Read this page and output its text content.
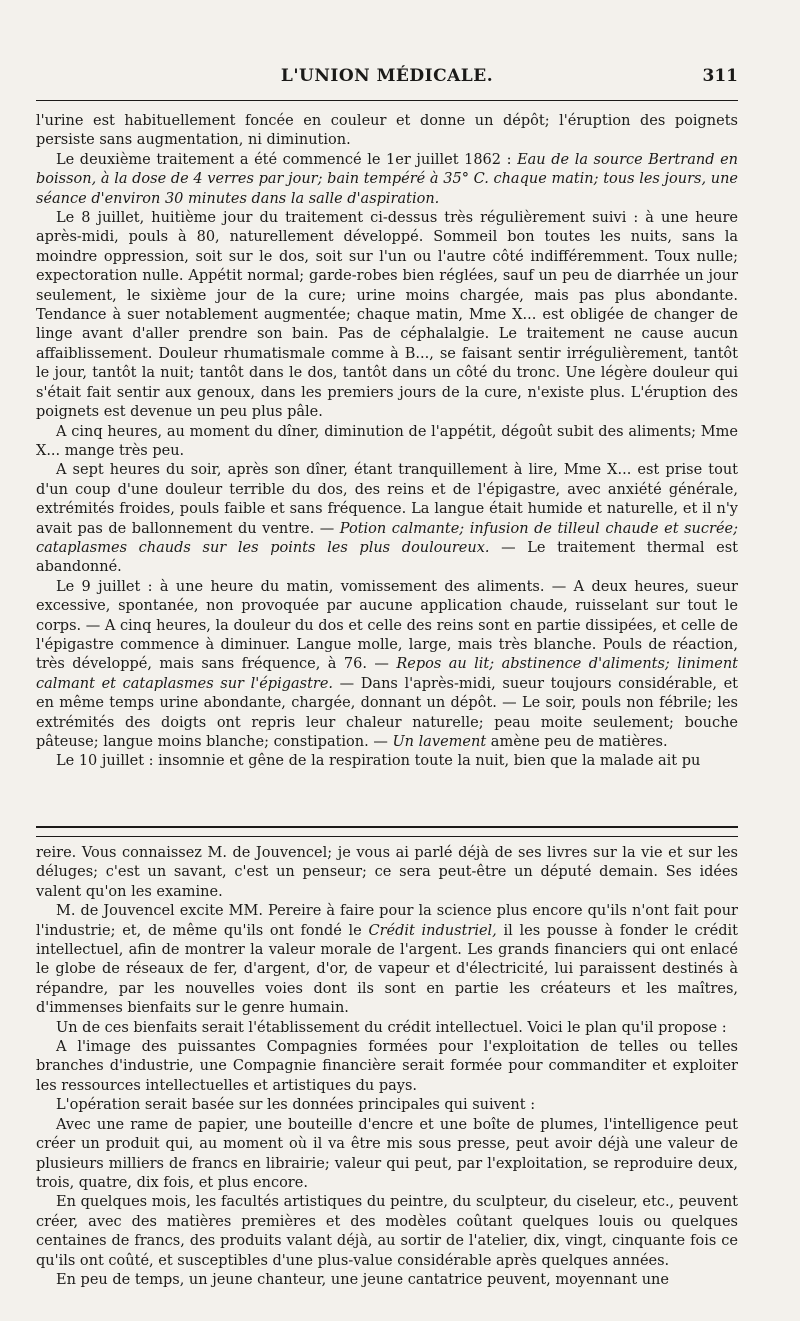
L'UNION MÉDICALE.	311

l'urine est habituellement foncée en couleur et donne un dépôt; l'éruption des poignets persiste sans augmentation, ni diminution.

Le deuxième traitement a été commencé le 1er juillet 1862 : Eau de la source Bertrand en boisson, à la dose de 4 verres par jour; bain tempéré à 35° C. chaque matin; tous les jours, une séance d'environ 30 minutes dans la salle d'aspiration.

Le 8 juillet, huitième jour du traitement ci-dessus très régulièrement suivi : à une heure après-midi, pouls à 80, naturellement développé. Sommeil bon toutes les nuits, sans la moindre oppression, soit sur le dos, soit sur l'un ou l'autre côté indifféremment. Toux nulle; expectoration nulle. Appétit normal; garde-robes bien réglées, sauf un peu de diarrhée un jour seulement, le sixième jour de la cure; urine moins chargée, mais pas plus abondante. Tendance à suer notablement augmentée; chaque matin, Mme X... est obligée de changer de linge avant d'aller prendre son bain. Pas de céphalalgie. Le traitement ne cause aucun affaiblissement. Douleur rhumatismale comme à B..., se faisant sentir irrégulièrement, tantôt le jour, tantôt la nuit; tantôt dans le dos, tantôt dans un côté du tronc. Une légère douleur qui s'était fait sentir aux genoux, dans les premiers jours de la cure, n'existe plus. L'éruption des poignets est devenue un peu plus pâle.

A cinq heures, au moment du dîner, diminution de l'appétit, dégoût subit des aliments; Mme X... mange très peu.

A sept heures du soir, après son dîner, étant tranquillement à lire, Mme X... est prise tout d'un coup d'une douleur terrible du dos, des reins et de l'épigastre, avec anxiété générale, extrémités froides, pouls faible et sans fréquence. La langue était humide et naturelle, et il n'y avait pas de ballonnement du ventre. — Potion calmante; infusion de tilleul chaude et sucrée; cataplasmes chauds sur les points les plus douloureux. — Le traitement thermal est abandonné.

Le 9 juillet : à une heure du matin, vomissement des aliments. — A deux heures, sueur excessive, spontanée, non provoquée par aucune application chaude, ruisselant sur tout le corps. — A cinq heures, la douleur du dos et celle des reins sont en partie dissipées, et celle de l'épigastre commence à diminuer. Langue molle, large, mais très blanche. Pouls de réaction, très développé, mais sans fréquence, à 76. — Repos au lit; abstinence d'aliments; liniment calmant et cataplasmes sur l'épigastre. — Dans l'après-midi, sueur toujours considérable, et en même temps urine abondante, chargée, donnant un dépôt. — Le soir, pouls non fébrile; les extrémités des doigts ont repris leur chaleur naturelle; peau moite seulement; bouche pâteuse; langue moins blanche; constipation. — Un lavement amène peu de matières.

Le 10 juillet : insomnie et gêne de la respiration toute la nuit, bien que la malade ait pu

reire. Vous connaissez M. de Jouvencel; je vous ai parlé déjà de ses livres sur la vie et sur les déluges; c'est un savant, c'est un penseur; ce sera peut-être un député demain. Ses idées valent qu'on les examine.

M. de Jouvencel excite MM. Pereire à faire pour la science plus encore qu'ils n'ont fait pour l'industrie; et, de même qu'ils ont fondé le Crédit industriel, il les pousse à fonder le crédit intellectuel, afin de montrer la valeur morale de l'argent. Les grands financiers qui ont enlacé le globe de réseaux de fer, d'argent, d'or, de vapeur et d'électricité, lui paraissent destinés à répandre, par les nouvelles voies dont ils sont en partie les créateurs et les maîtres, d'immenses bienfaits sur le genre humain.

Un de ces bienfaits serait l'établissement du crédit intellectuel. Voici le plan qu'il propose :

A l'image des puissantes Compagnies formées pour l'exploitation de telles ou telles branches d'industrie, une Compagnie financière serait formée pour commanditer et exploiter les ressources intellectuelles et artistiques du pays.

L'opération serait basée sur les données principales qui suivent :

Avec une rame de papier, une bouteille d'encre et une boîte de plumes, l'intelligence peut créer un produit qui, au moment où il va être mis sous presse, peut avoir déjà une valeur de plusieurs milliers de francs en librairie; valeur qui peut, par l'exploitation, se reproduire deux, trois, quatre, dix fois, et plus encore.

En quelques mois, les facultés artistiques du peintre, du sculpteur, du ciseleur, etc., peuvent créer, avec des matières premières et des modèles coûtant quelques louis ou quelques centaines de francs, des produits valant déjà, au sortir de l'atelier, dix, vingt, cinquante fois ce qu'ils ont coûté, et susceptibles d'une plus-value considérable après quelques années.

En peu de temps, un jeune chanteur, une jeune cantatrice peuvent, moyennant une
